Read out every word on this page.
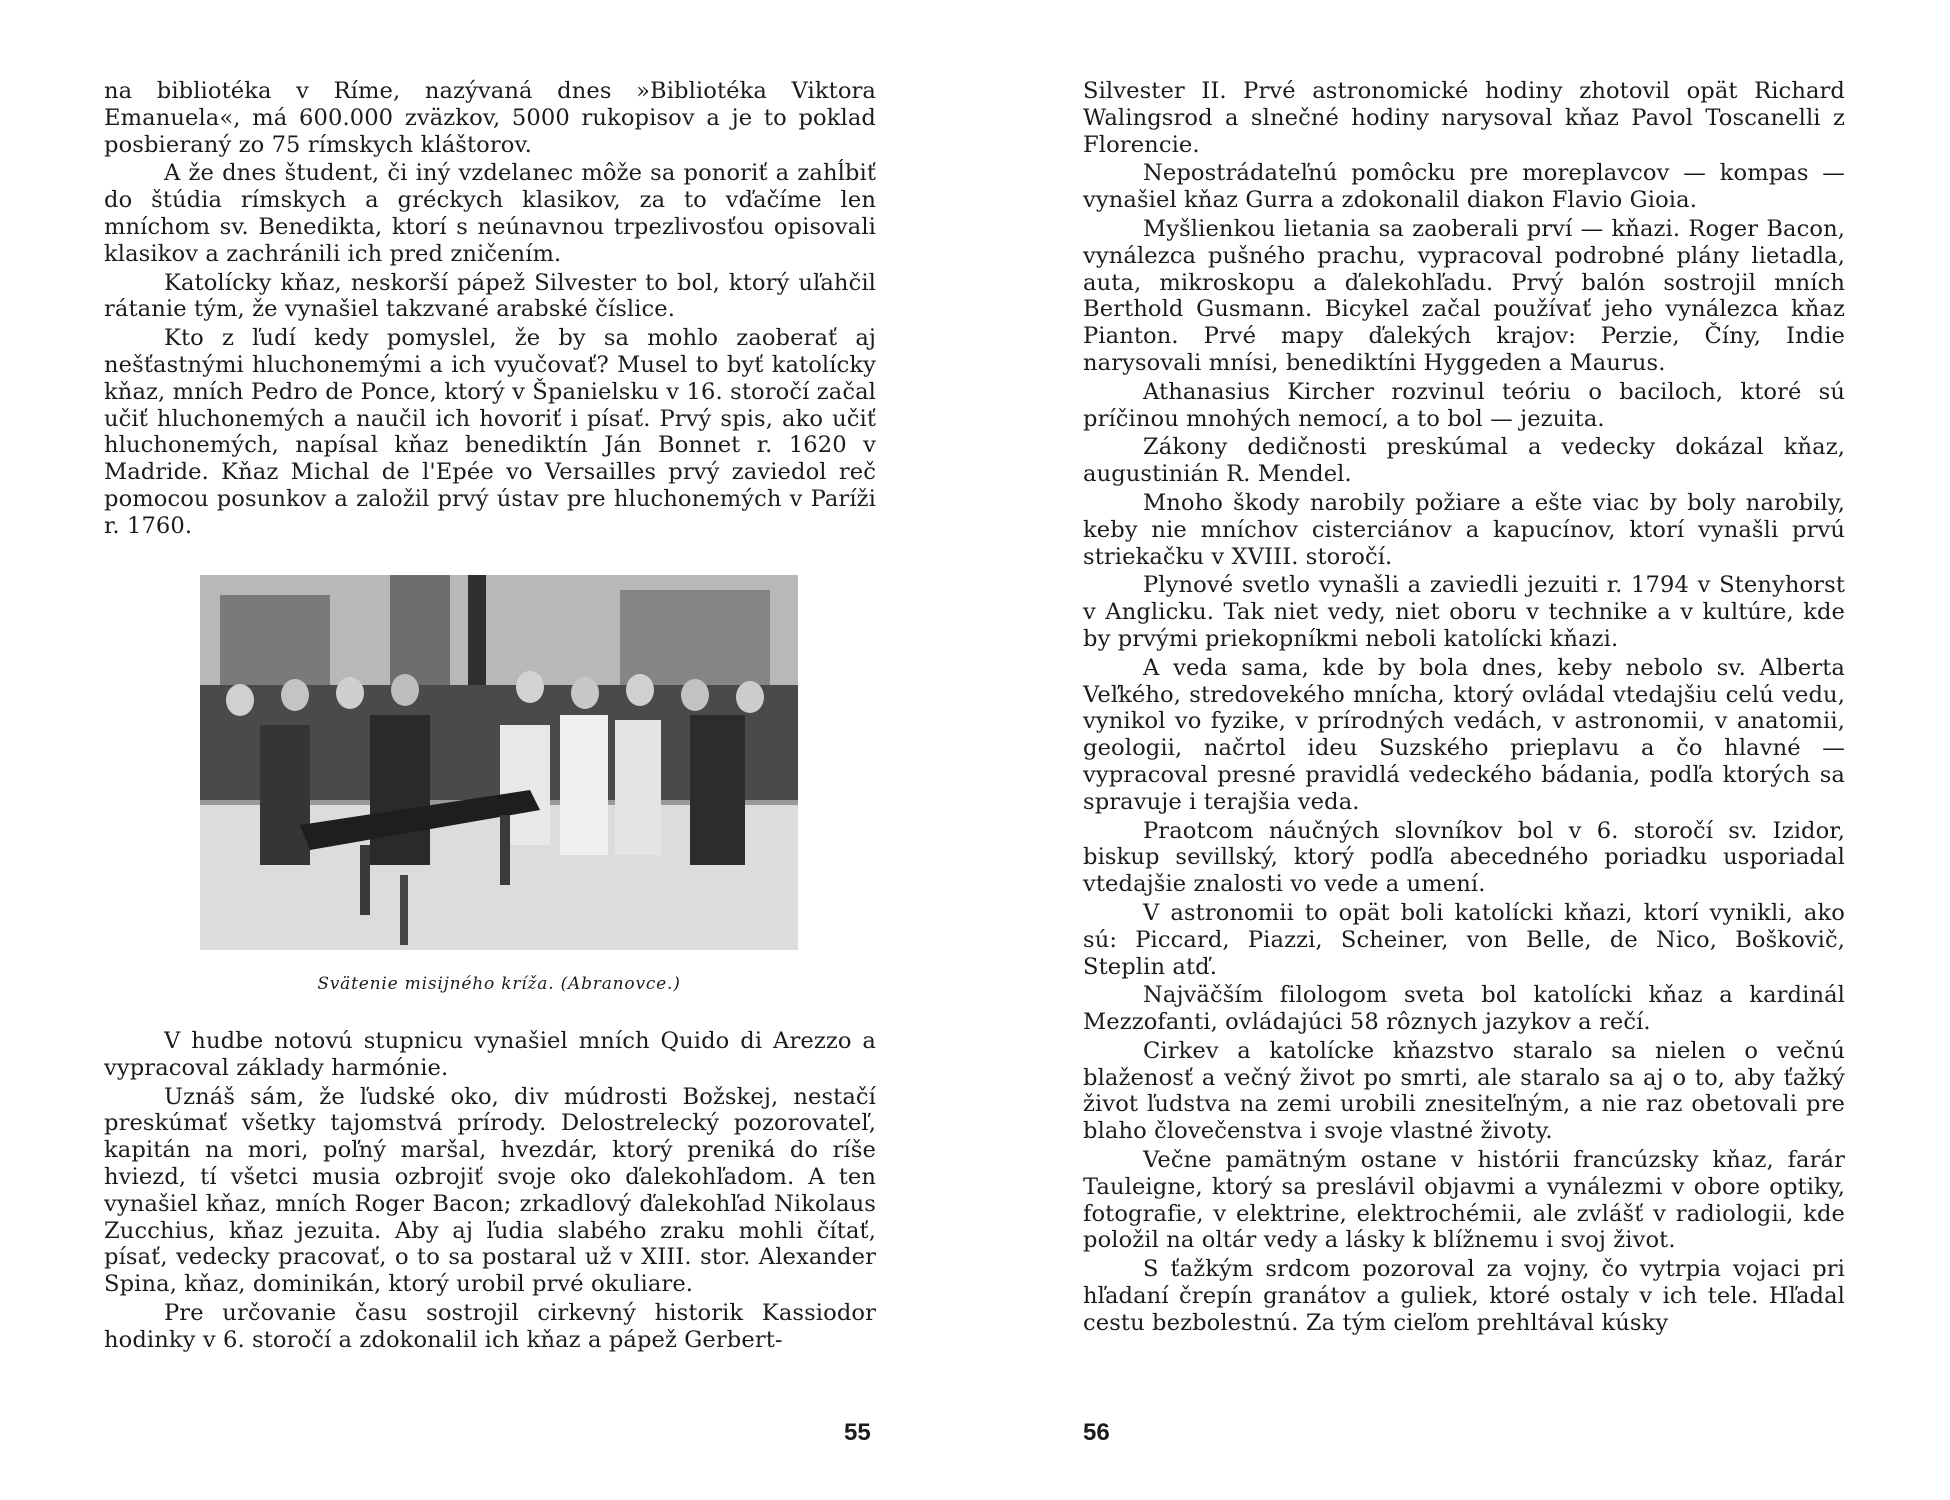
na bibliotéka v Ríme, nazývaná dnes »Bibliotéka Viktora Emanuela«, má 600.000 zväzkov, 5000 rukopisov a je to poklad posbieraný zo 75 rímskych kláštorov.

A že dnes študent, či iný vzdelanec môže sa ponoriť a zahĺbiť do štúdia rímskych a gréckych klasikov, za to vďačíme len mníchom sv. Benedikta, ktorí s neúnavnou trpezlivosťou opisovali klasikov a zachránili ich pred zničením.

Katolícky kňaz, neskorší pápež Silvester to bol, ktorý uľahčil rátanie tým, že vynašiel takzvané arabské číslice.

Kto z ľudí kedy pomyslel, že by sa mohlo zaoberať aj nešťastnými hluchonemými a ich vyučovať? Musel to byť katolícky kňaz, mních Pedro de Ponce, ktorý v Španielsku v 16. storočí začal učiť hluchonemých a naučil ich hovoriť i písať. Prvý spis, ako učiť hluchonemých, napísal kňaz benediktín Ján Bonnet r. 1620 v Madride. Kňaz Michal de l'Epée vo Versailles prvý zaviedol reč pomocou posunkov a založil prvý ústav pre hluchonemých v Paríži r. 1760.

Svätenie misijného kríža. (Abranovce.)

V hudbe notovú stupnicu vynašiel mních Quido di Arezzo a vypracoval základy harmónie.

Uznáš sám, že ľudské oko, div múdrosti Božskej, nestačí preskúmať všetky tajomstvá prírody. Delostrelecký pozorovateľ, kapitán na mori, poľný maršal, hvezdár, ktorý preniká do ríše hviezd, tí všetci musia ozbrojiť svoje oko ďalekohľadom. A ten vynašiel kňaz, mních Roger Bacon; zrkadlový ďalekohľad Nikolaus Zucchius, kňaz jezuita. Aby aj ľudia slabého zraku mohli čítať, písať, vedecky pracovať, o to sa postaral už v XIII. stor. Alexander Spina, kňaz, dominikán, ktorý urobil prvé okuliare.

Pre určovanie času sostrojil cirkevný historik Kassiodor hodinky v 6. storočí a zdokonalil ich kňaz a pápež Gerbert-

55

Silvester II. Prvé astronomické hodiny zhotovil opät Richard Walingsrod a slnečné hodiny narysoval kňaz Pavol Toscanelli z Florencie.

Nepostrádateľnú pomôcku pre moreplavcov — kompas — vynašiel kňaz Gurra a zdokonalil diakon Flavio Gioia.

Myšlienkou lietania sa zaoberali prví — kňazi. Roger Bacon, vynálezca pušného prachu, vypracoval podrobné plány lietadla, auta, mikroskopu a ďalekohľadu. Prvý balón sostrojil mních Berthold Gusmann. Bicykel začal používať jeho vynálezca kňaz Pianton. Prvé mapy ďalekých krajov: Perzie, Číny, Indie narysovali mnísi, benediktíni Hyggeden a Maurus.

Athanasius Kircher rozvinul teóriu o baciloch, ktoré sú príčinou mnohých nemocí, a to bol — jezuita.

Zákony dedičnosti preskúmal a vedecky dokázal kňaz, augustinián R. Mendel.

Mnoho škody narobily požiare a ešte viac by boly narobily, keby nie mníchov cisterciánov a kapucínov, ktorí vynašli prvú striekačku v XVIII. storočí.

Plynové svetlo vynašli a zaviedli jezuiti r. 1794 v Stenyhorst v Anglicku. Tak niet vedy, niet oboru v technike a v kultúre, kde by prvými priekopníkmi neboli katolícki kňazi.

A veda sama, kde by bola dnes, keby nebolo sv. Alberta Veľkého, stredovekého mnícha, ktorý ovládal vtedajšiu celú vedu, vynikol vo fyzike, v prírodných vedách, v astronomii, v anatomii, geologii, načrtol ideu Suzského prieplavu a čo hlavné — vypracoval presné pravidlá vedeckého bádania, podľa ktorých sa spravuje i terajšia veda.

Praotcom náučných slovníkov bol v 6. storočí sv. Izidor, biskup sevillský, ktorý podľa abecedného poriadku usporiadal vtedajšie znalosti vo vede a umení.

V astronomii to opät boli katolícki kňazi, ktorí vynikli, ako sú: Piccard, Piazzi, Scheiner, von Belle, de Nico, Boškovič, Steplin atď.

Najväčším filologom sveta bol katolícki kňaz a kardinál Mezzofanti, ovládajúci 58 rôznych jazykov a rečí.

Cirkev a katolícke kňazstvo staralo sa nielen o večnú blaženosť a večný život po smrti, ale staralo sa aj o to, aby ťažký život ľudstva na zemi urobili znesiteľným, a nie raz obetovali pre blaho človečenstva i svoje vlastné životy.

Večne pamätným ostane v histórii francúzsky kňaz, farár Tauleigne, ktorý sa preslávil objavmi a vynálezmi v obore optiky, fotografie, v elektrine, elektrochémii, ale zvlášť v radiologii, kde položil na oltár vedy a lásky k blížnemu i svoj život.

S ťažkým srdcom pozoroval za vojny, čo vytrpia vojaci pri hľadaní črepín granátov a guliek, ktoré ostaly v ich tele. Hľadal cestu bezbolestnú. Za tým cieľom prehltával kúsky

56
